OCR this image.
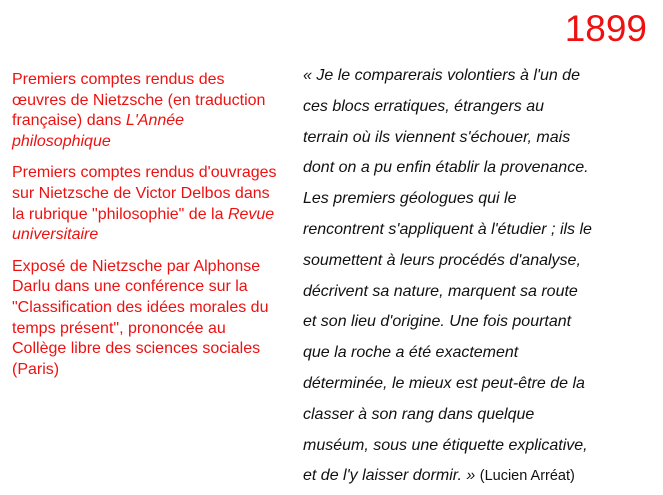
1899

Premiers comptes rendus des œuvres de Nietzsche (en traduction française) dans L'Année philosophique

Premiers comptes rendus d'ouvrages sur Nietzsche de Victor Delbos dans la rubrique "philosophie" de la Revue universitaire

Exposé de Nietzsche par Alphonse Darlu dans une conférence sur la "Classification des idées morales du temps présent", prononcée au Collège libre des sciences sociales (Paris)

« Je le comparerais volontiers à l'un de
ces blocs erratiques, étrangers au
terrain où ils viennent s'échouer, mais
dont on a pu enfin établir la provenance.
Les premiers géologues qui le
rencontrent s'appliquent à l'étudier ; ils le
soumettent à leurs procédés d'analyse,
décrivent sa nature, marquent sa route
et son lieu d'origine. Une fois pourtant
que la roche a été exactement
déterminée, le mieux est peut-être de la
classer à son rang dans quelque
muséum, sous une étiquette explicative,
et de l'y laisser dormir. » (Lucien Arréat)
